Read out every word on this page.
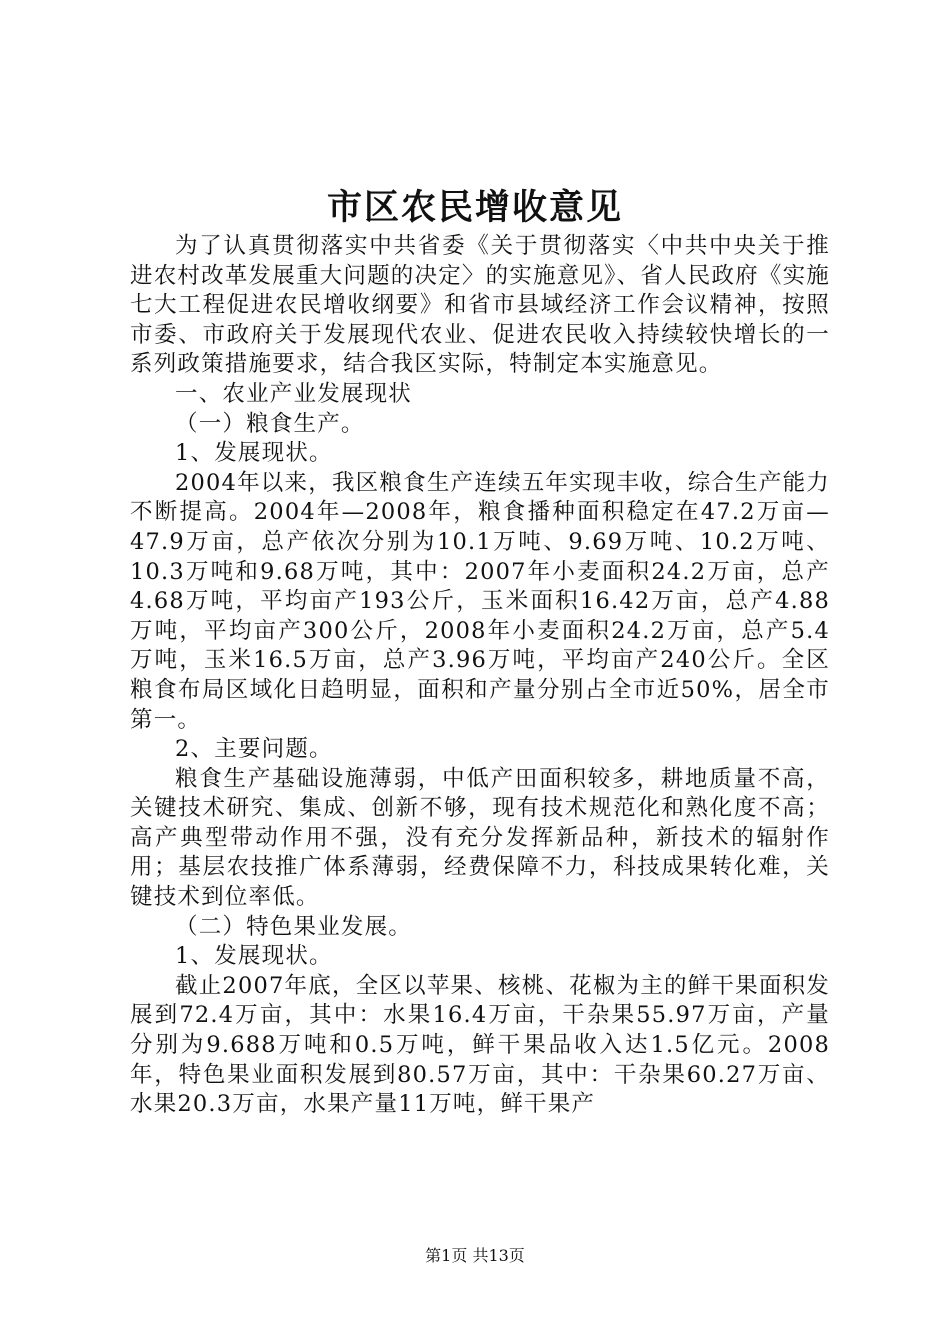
市区农民增收意见

为了认真贯彻落实中共省委《关于贯彻落实〈中共中央关于推进农村改革发展重大问题的决定〉的实施意见》、省人民政府《实施七大工程促进农民增收纲要》和省市县域经济工作会议精神，按照市委、市政府关于发展现代农业、促进农民收入持续较快增长的一系列政策措施要求，结合我区实际，特制定本实施意见。

一、农业产业发展现状

（一）粮食生产。

1、发展现状。

2004年以来，我区粮食生产连续五年实现丰收，综合生产能力不断提高。2004年—2008年，粮食播种面积稳定在47.2万亩—47.9万亩，总产依次分别为10.1万吨、9.69万吨、10.2万吨、10.3万吨和9.68万吨，其中：2007年小麦面积24.2万亩，总产4.68万吨，平均亩产193公斤，玉米面积16.42万亩，总产4.88万吨，平均亩产300公斤，2008年小麦面积24.2万亩，总产5.4万吨，玉米16.5万亩，总产3.96万吨，平均亩产240公斤。全区粮食布局区域化日趋明显，面积和产量分别占全市近50%，居全市第一。

2、主要问题。

粮食生产基础设施薄弱，中低产田面积较多，耕地质量不高，关键技术研究、集成、创新不够，现有技术规范化和熟化度不高；高产典型带动作用不强，没有充分发挥新品种，新技术的辐射作用；基层农技推广体系薄弱，经费保障不力，科技成果转化难，关键技术到位率低。

（二）特色果业发展。

1、发展现状。

截止2007年底，全区以苹果、核桃、花椒为主的鲜干果面积发展到72.4万亩，其中：水果16.4万亩，干杂果55.97万亩，产量分别为9.688万吨和0.5万吨，鲜干果品收入达1.5亿元。2008年，特色果业面积发展到80.57万亩，其中：干杂果60.27万亩、水果20.3万亩，水果产量11万吨，鲜干果产

第1页 共13页
